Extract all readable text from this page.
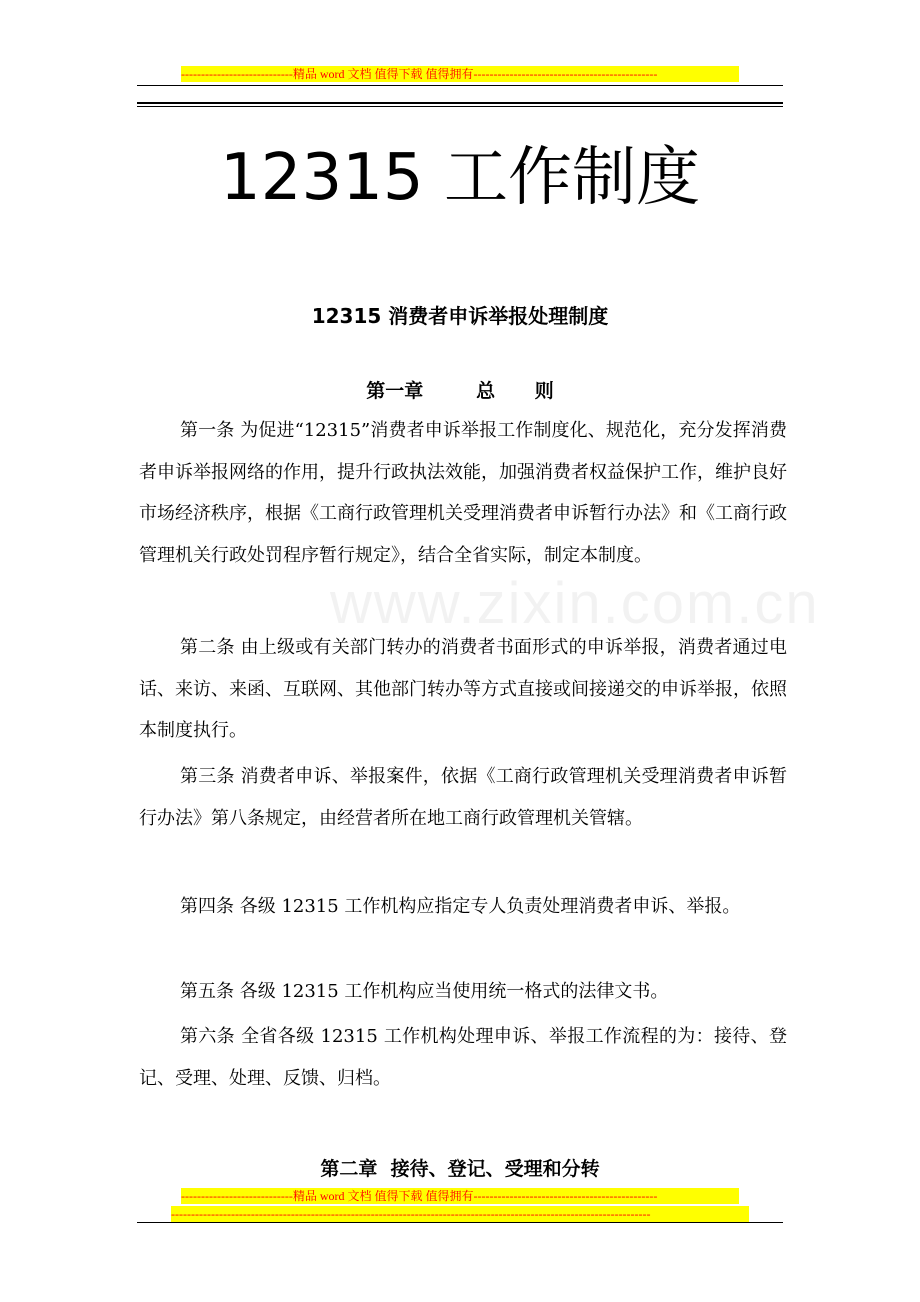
----------------------------精品 word 文档 值得下载 值得拥有----------------------------------------------
www.zixin.com.cn
12315 工作制度
12315 消费者申诉举报处理制度
第一章        总      则
第一条 为促进“12315”消费者申诉举报工作制度化、规范化，充分发挥消费者申诉举报网络的作用，提升行政执法效能，加强消费者权益保护工作，维护良好市场经济秩序，根据《工商行政管理机关受理消费者申诉暂行办法》和《工商行政管理机关行政处罚程序暂行规定》，结合全省实际，制定本制度。
第二条 由上级或有关部门转办的消费者书面形式的申诉举报，消费者通过电话、来访、来函、互联网、其他部门转办等方式直接或间接递交的申诉举报，依照本制度执行。
第三条 消费者申诉、举报案件，依据《工商行政管理机关受理消费者申诉暂行办法》第八条规定，由经营者所在地工商行政管理机关管辖。
第四条 各级 12315 工作机构应指定专人负责处理消费者申诉、举报。
第五条 各级 12315 工作机构应当使用统一格式的法律文书。
第六条 全省各级 12315 工作机构处理申诉、举报工作流程的为：接待、登记、受理、处理、反馈、归档。
第二章  接待、登记、受理和分转
----------------------------精品 word 文档 值得下载 值得拥有----------------------------------------------
------------------------------------------------------------------------------------------------------------------------
